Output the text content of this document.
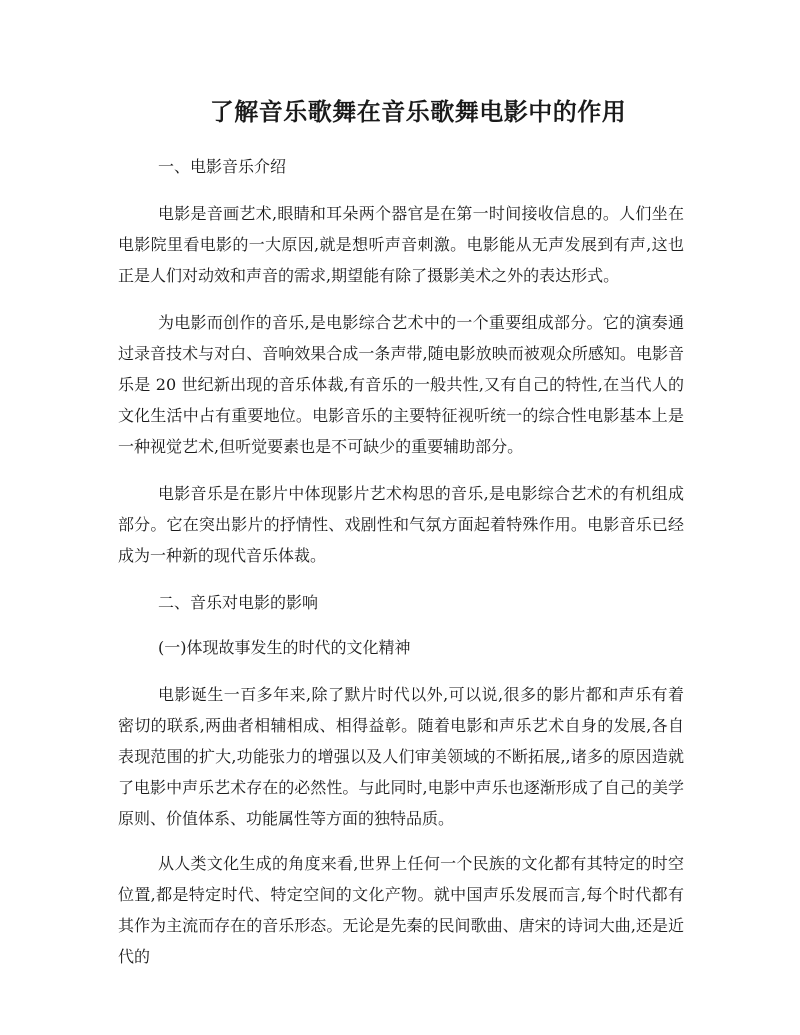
了解音乐歌舞在音乐歌舞电影中的作用
一、电影音乐介绍
电影是音画艺术,眼睛和耳朵两个器官是在第一时间接收信息的。人们坐在电影院里看电影的一大原因,就是想听声音刺激。电影能从无声发展到有声,这也正是人们对动效和声音的需求,期望能有除了摄影美术之外的表达形式。
为电影而创作的音乐,是电影综合艺术中的一个重要组成部分。它的演奏通过录音技术与对白、音响效果合成一条声带,随电影放映而被观众所感知。电影音乐是 20 世纪新出现的音乐体裁,有音乐的一般共性,又有自己的特性,在当代人的文化生活中占有重要地位。电影音乐的主要特征视听统一的综合性电影基本上是一种视觉艺术,但听觉要素也是不可缺少的重要辅助部分。
电影音乐是在影片中体现影片艺术构思的音乐,是电影综合艺术的有机组成部分。它在突出影片的抒情性、戏剧性和气氛方面起着特殊作用。电影音乐已经成为一种新的现代音乐体裁。
二、音乐对电影的影响
(一)体现故事发生的时代的文化精神
电影诞生一百多年来,除了默片时代以外,可以说,很多的影片都和声乐有着密切的联系,两曲者相辅相成、相得益彰。随着电影和声乐艺术自身的发展,各自表现范围的扩大,功能张力的增强以及人们审美领域的不断拓展,,诸多的原因造就了电影中声乐艺术存在的必然性。与此同时,电影中声乐也逐渐形成了自己的美学原则、价值体系、功能属性等方面的独特品质。
从人类文化生成的角度来看,世界上任何一个民族的文化都有其特定的时空位置,都是特定时代、特定空间的文化产物。就中国声乐发展而言,每个时代都有其作为主流而存在的音乐形态。无论是先秦的民间歌曲、唐宋的诗词大曲,还是近代的
